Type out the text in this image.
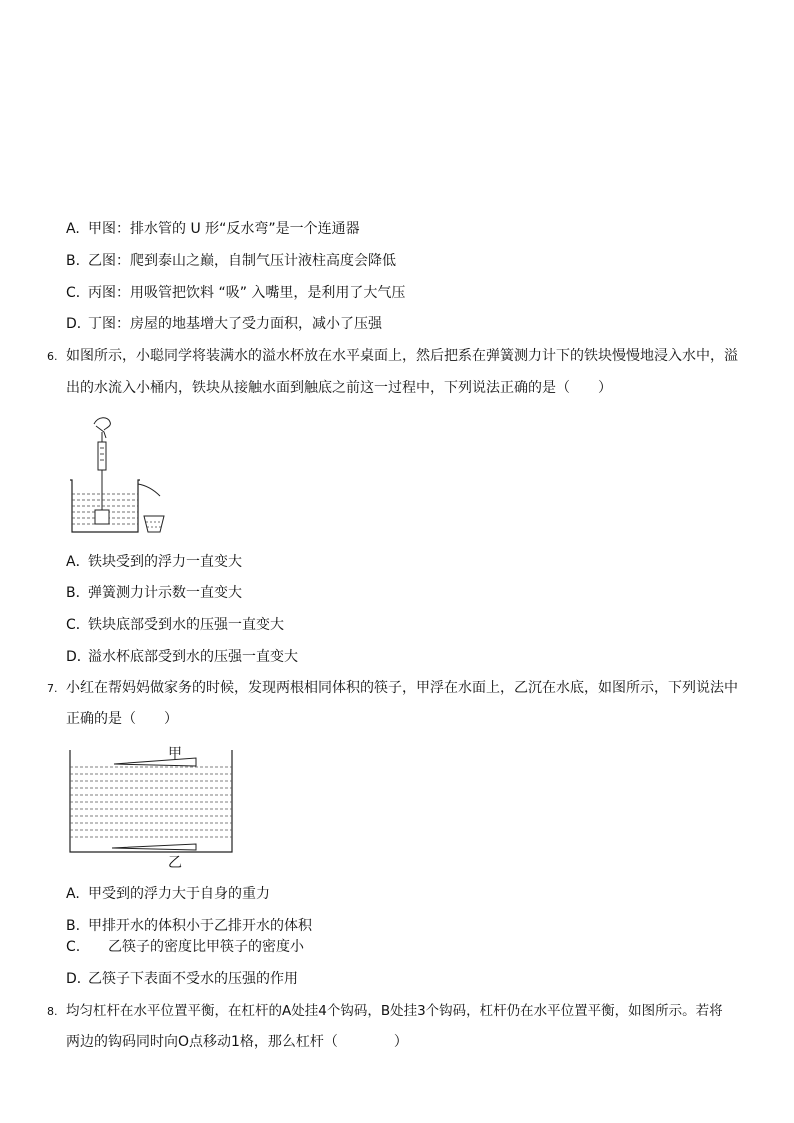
A. 甲图：排水管的 U 形“反水弯”是一个连通器
B. 乙图：爬到泰山之巅，自制气压计液柱高度会降低
C．丙图：用吸管把饮料 “吸” 入嘴里，是利用了大气压
D．丁图：房屋的地基增大了受力面积，减小了压强
6. 如图所示，小聪同学将装满水的溢水杯放在水平桌面上，然后把系在弹簧测力计下的铁块慢慢地浸入水中，溢
出的水流入小桶内，铁块从接触水面到触底之前这一过程中，下列说法正确的是（　　）
A．铁块受到的浮力一直变大
B．弹簧测力计示数一直变大
C．铁块底部受到水的压强一直变大
D．溢水杯底部受到水的压强一直变大
7. 小红在帮妈妈做家务的时候，发现两根相同体积的筷子，甲浮在水面上，乙沉在水底，如图所示，下列说法中
正确的是（　　）
甲
乙
A. 甲受到的浮力大于自身的重力
B. 甲排开水的体积小于乙排开水的体积
C. 乙筷子的密度比甲筷子的密度小
D．乙筷子下表面不受水的压强的作用
8. 均匀杠杆在水平位置平衡，在杠杆的A处挂4个钩码，B处挂3个钩码，杠杆仍在水平位置平衡，如图所示。若将
两边的钩码同时向O点移动1格，那么杠杆（　　　　）
